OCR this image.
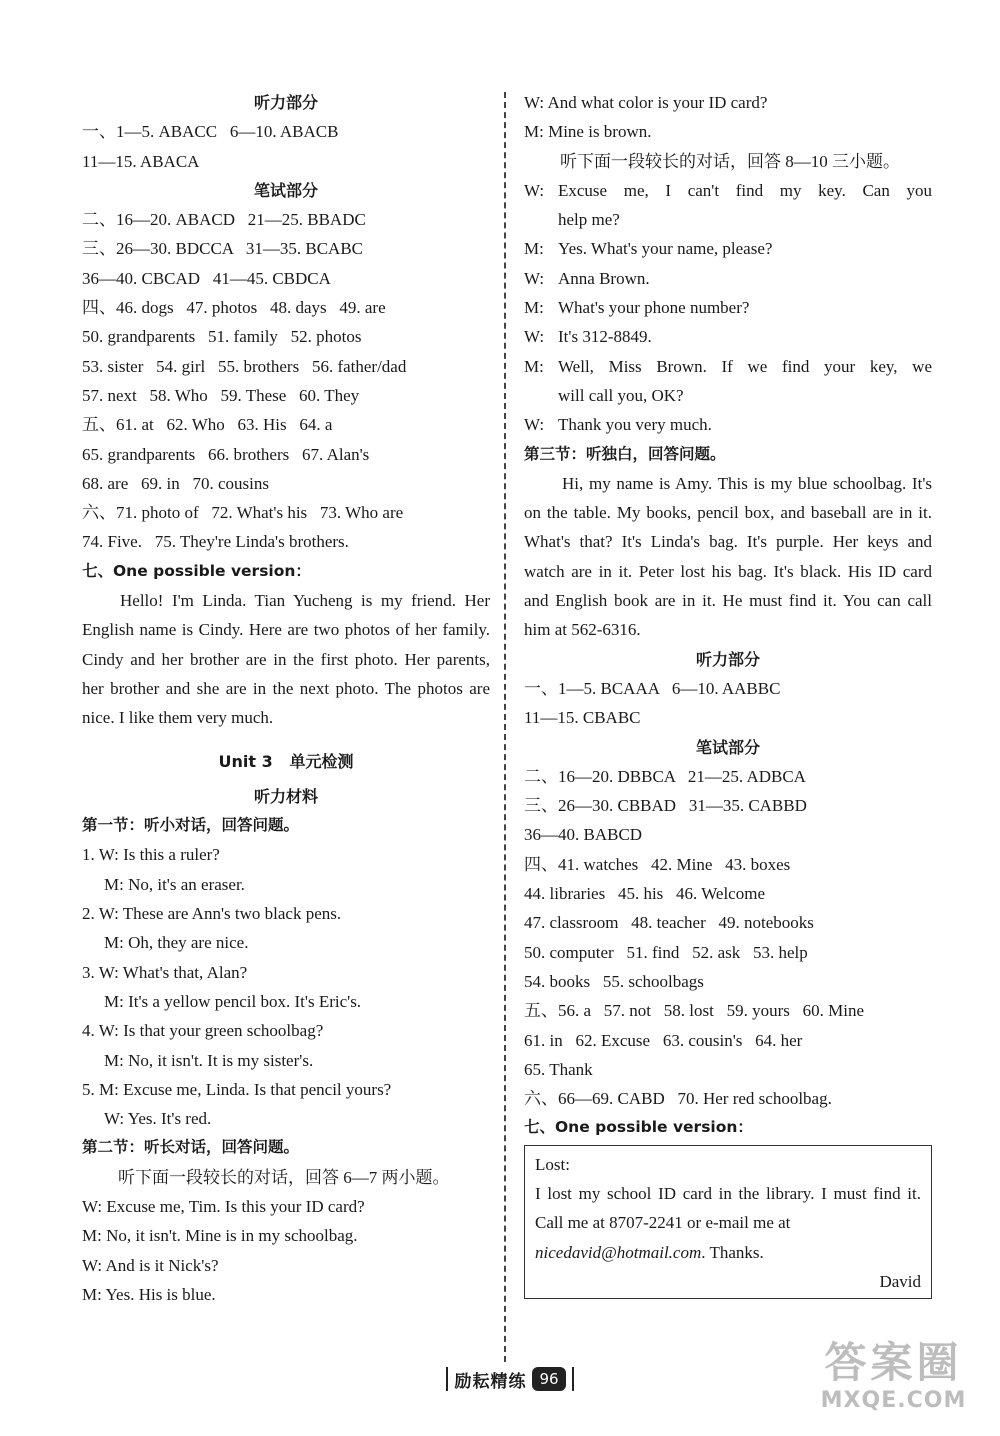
听力部分
一、1—5. ABACC   6—10. ABACB
11—15. ABACA
笔试部分
二、16—20. ABACD   21—25. BBADC
三、26—30. BDCCA   31—35. BCABC
36—40. CBCAD   41—45. CBDCA
四、46. dogs   47. photos   48. days   49. are
50. grandparents   51. family   52. photos
53. sister   54. girl   55. brothers   56. father/dad
57. next   58. Who   59. These   60. They
五、61. at   62. Who   63. His   64. a
65. grandparents   66. brothers   67. Alan's
68. are   69. in   70. cousins
六、71. photo of   72. What's his   73. Who are
74. Five.   75. They're Linda's brothers.
七、One possible version：
Hello! I'm Linda. Tian Yucheng is my friend. Her English name is Cindy. Here are two photos of her family. Cindy and her brother are in the first photo. Her parents, her brother and she are in the next photo. The photos are nice. I like them very much.
Unit 3   单元检测
听力材料
第一节：听小对话，回答问题。
1. W: Is this a ruler?
M: No, it's an eraser.
2. W: These are Ann's two black pens.
M: Oh, they are nice.
3. W: What's that, Alan?
M: It's a yellow pencil box. It's Eric's.
4. W: Is that your green schoolbag?
M: No, it isn't. It is my sister's.
5. M: Excuse me, Linda. Is that pencil yours?
W: Yes. It's red.
第二节：听长对话，回答问题。
听下面一段较长的对话，回答 6—7 两小题。
W: Excuse me, Tim. Is this your ID card?
M: No, it isn't. Mine is in my schoolbag.
W: And is it Nick's?
M: Yes. His is blue.
W: And what color is your ID card?
M: Mine is brown.
听下面一段较长的对话，回答 8—10 三小题。
W: Excuse me, I can't find my key. Can you
help me?
M: Yes. What's your name, please?
W: Anna Brown.
M: What's your phone number?
W: It's 312-8849.
M: Well, Miss Brown. If we find your key, we
will call you, OK?
W: Thank you very much.
第三节：听独白，回答问题。
Hi, my name is Amy. This is my blue schoolbag. It's on the table. My books, pencil box, and baseball are in it. What's that? It's Linda's bag. It's purple. Her keys and watch are in it. Peter lost his bag. It's black. His ID card and English book are in it. He must find it. You can call him at 562-6316.
听力部分
一、1—5. BCAAA   6—10. AABBC
11—15. CBABC
笔试部分
二、16—20. DBBCA   21—25. ADBCA
三、26—30. CBBAD   31—35. CABBD
36—40. BABCD
四、41. watches   42. Mine   43. boxes
44. libraries   45. his   46. Welcome
47. classroom   48. teacher   49. notebooks
50. computer   51. find   52. ask   53. help
54. books   55. schoolbags
五、56. a   57. not   58. lost   59. yours   60. Mine
61. in   62. Excuse   63. cousin's   64. her
65. Thank
六、66—69. CABD   70. Her red schoolbag.
七、One possible version：
Lost:
I lost my school ID card in the library. I must find it. Call me at 8707-2241 or e-mail me at
nicedavid@hotmail.com. Thanks.
David
励耘精练 96	答案圈
MXQE.COM
